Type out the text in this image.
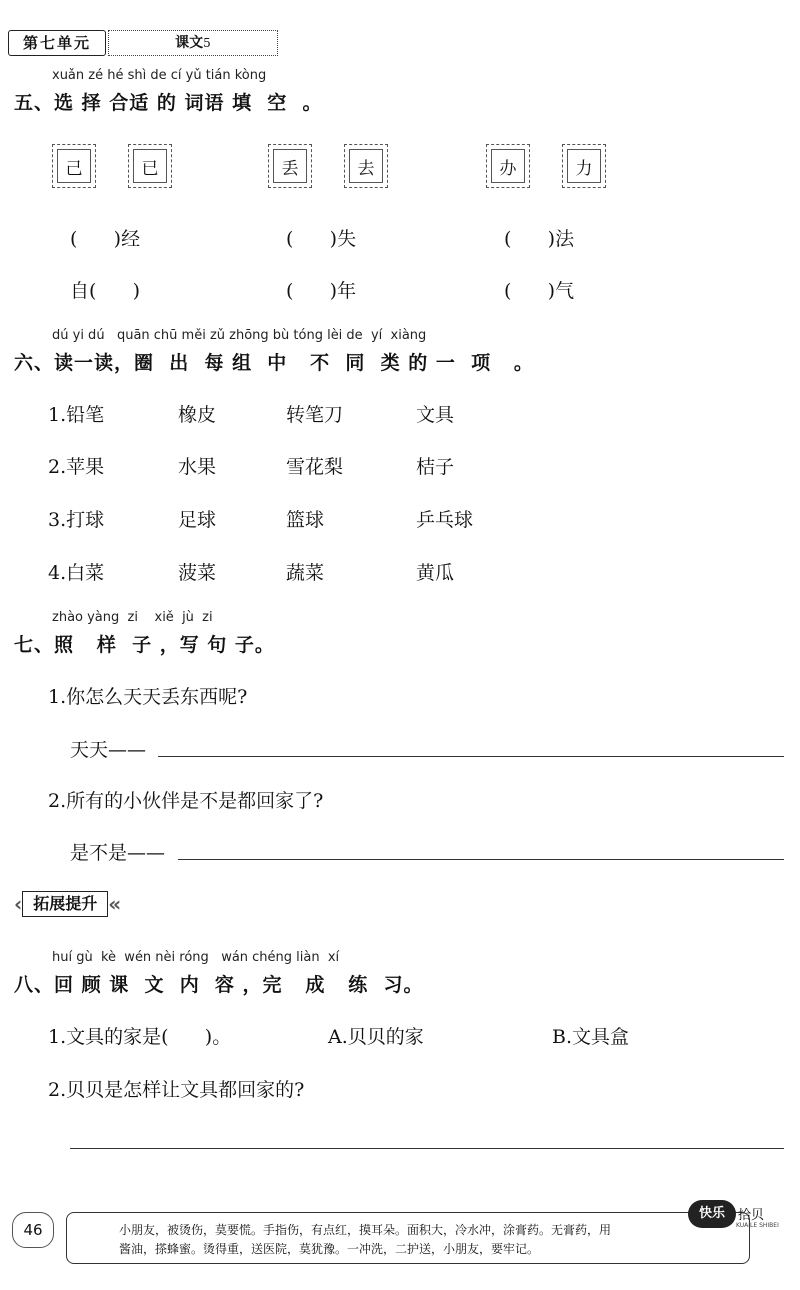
第七单元	课文5
xuǎn zé hé shì de cí yǔ tián kòng
五、选 择 合适 的 词语 填  空  。
己	已	丢	去	办	力
(      )经	(      )失	(      )法
自(      )	(      )年	(      )气
dú yi dú   quān chū měi zǔ zhōng bù tóng lèi de  yí  xiàng
六、读一读，圈  出  每 组  中   不  同  类 的 一  项   。
1.铅笔	橡皮	转笔刀	文具
2.苹果	水果	雪花梨	桔子
3.打球	足球	篮球	乒乓球
4.白菜	菠菜	蔬菜	黄瓜
zhào yàng  zi    xiě  jù  zi
七、照   样  子 ，写 句 子。
1.你怎么天天丢东西呢?
天天——
2.所有的小伙伴是不是都回家了?
是不是——
‹ 拓展提升 «
huí gù  kè  wén nèi róng   wán chéng liàn  xí
八、回 顾 课  文  内  容 ，完   成   练  习。
1.文具的家是(      )。	A.贝贝的家	B.文具盒
2.贝贝是怎样让文具都回家的?
46	小朋友，被烫伤，莫要慌。手指伤，有点红，摸耳朵。面积大，冷水冲，涂膏药。无膏药，用

酱油，搽蜂蜜。烫得重，送医院，莫犹豫。一冲洗，二护送，小朋友，要牢记。

快乐	拾贝
KUAILE SHIBEI
